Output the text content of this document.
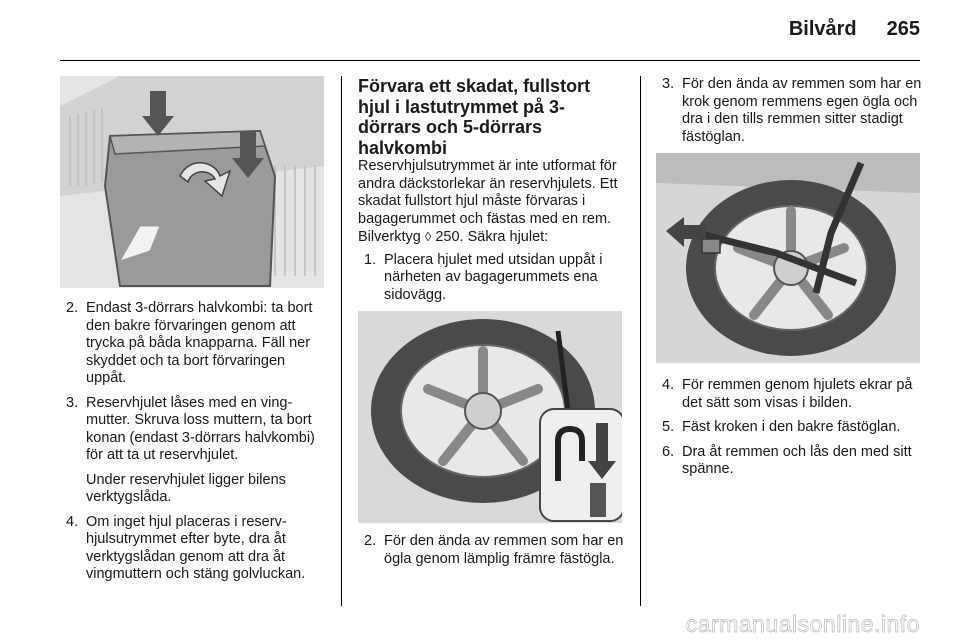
Bilvård 265
2. Endast 3-dörrars halvkombi: ta bort den bakre förvaringen genom att trycka på båda knapparna. Fäll ner skyddet och ta bort förvaringen uppåt.
3. Reservhjulet låses med en vingmutter. Skruva loss muttern, ta bort konan (endast 3-dörrars halvkombi) för att ta ut reservhjulet.
Under reservhjulet ligger bilens verktygslåda.
4. Om inget hjul placeras i reservhjulsutrymmet efter byte, dra åt verktygslådan genom att dra åt vingmuttern och stäng golvluckan.
Förvara ett skadat, fullstort hjul i lastutrymmet på 3-dörrars och 5-dörrars halvkombi

Reservhjulsutrymmet är inte utformat för andra däckstorlekar än reservhjulets. Ett skadat fullstort hjul måste förvaras i bagagerummet och fästas med en rem. Bilverktyg ◊ 250. Säkra hjulet:

1. Placera hjulet med utsidan uppåt i närheten av bagagerummets ena sidovägg.
2. För den ända av remmen som har en ögla genom lämplig främre fästögla.
3. För den ända av remmen som har en krok genom remmens egen ögla och dra i den tills remmen sitter stadigt fästöglan.
4. För remmen genom hjulets ekrar på det sätt som visas i bilden.
5. Fäst kroken i den bakre fästöglan.
6. Dra åt remmen och lås den med sitt spänne.
carmanualsonline.info
